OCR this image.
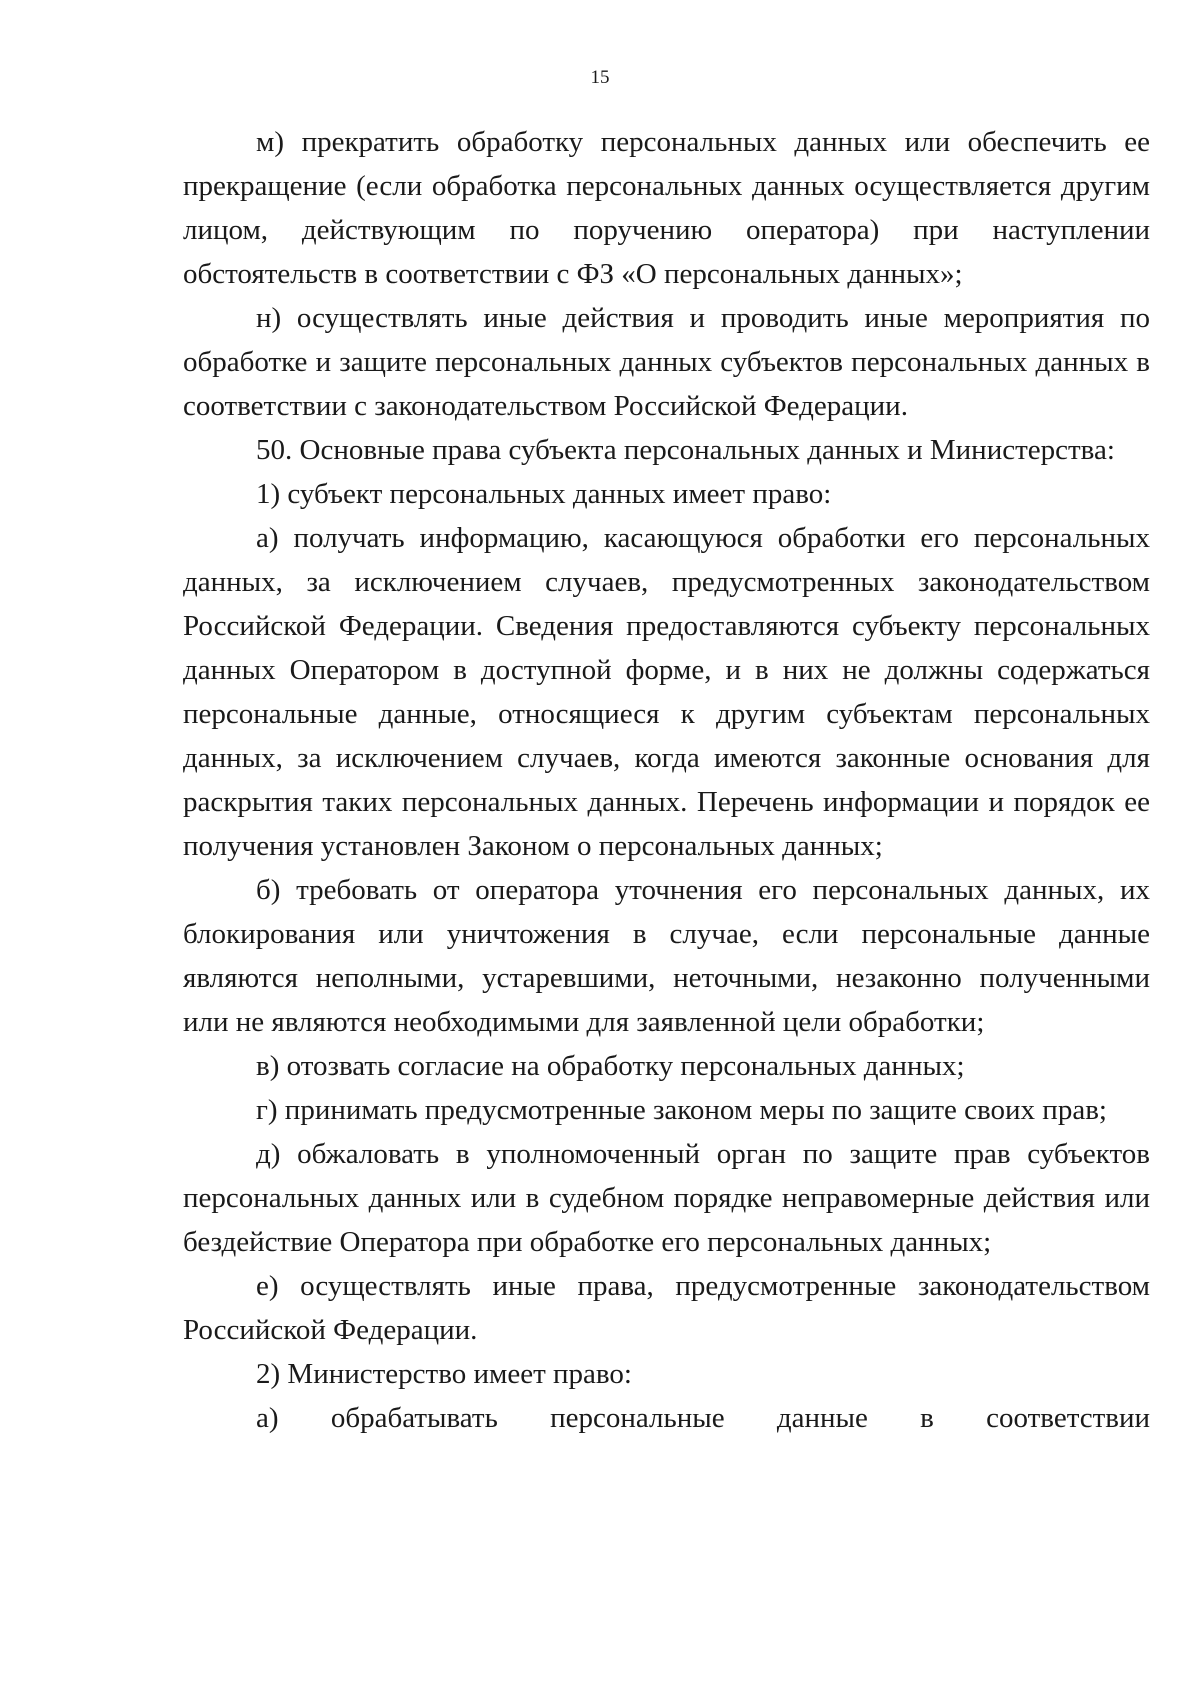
15

м) прекратить обработку персональных данных или обеспечить ее прекращение (если обработка персональных данных осуществляется другим лицом, действующим по поручению оператора) при наступлении обстоятельств в соответствии с ФЗ «О персональных данных»;

н) осуществлять иные действия и проводить иные мероприятия по обработке и защите персональных данных субъектов персональных данных в соответствии с законодательством Российской Федерации.

50. Основные права субъекта персональных данных и Министерства:

1) субъект персональных данных имеет право:

а) получать информацию, касающуюся обработки его персональных данных, за исключением случаев, предусмотренных законодательством Российской Федерации. Сведения предоставляются субъекту персональных данных Оператором в доступной форме, и в них не должны содержаться персональные данные, относящиеся к другим субъектам персональных данных, за исключением случаев, когда имеются законные основания для раскрытия таких персональных данных. Перечень информации и порядок ее получения установлен Законом о персональных данных;

б) требовать от оператора уточнения его персональных данных, их блокирования или уничтожения в случае, если персональные данные являются неполными, устаревшими, неточными, незаконно полученными или не являются необходимыми для заявленной цели обработки;

в) отозвать согласие на обработку персональных данных;

г) принимать предусмотренные законом меры по защите своих прав;

д) обжаловать в уполномоченный орган по защите прав субъектов персональных данных или в судебном порядке неправомерные действия или бездействие Оператора при обработке его персональных данных;

е) осуществлять иные права, предусмотренные законодательством Российской Федерации.

2) Министерство имеет право:

а) обрабатывать персональные данные в соответствии
